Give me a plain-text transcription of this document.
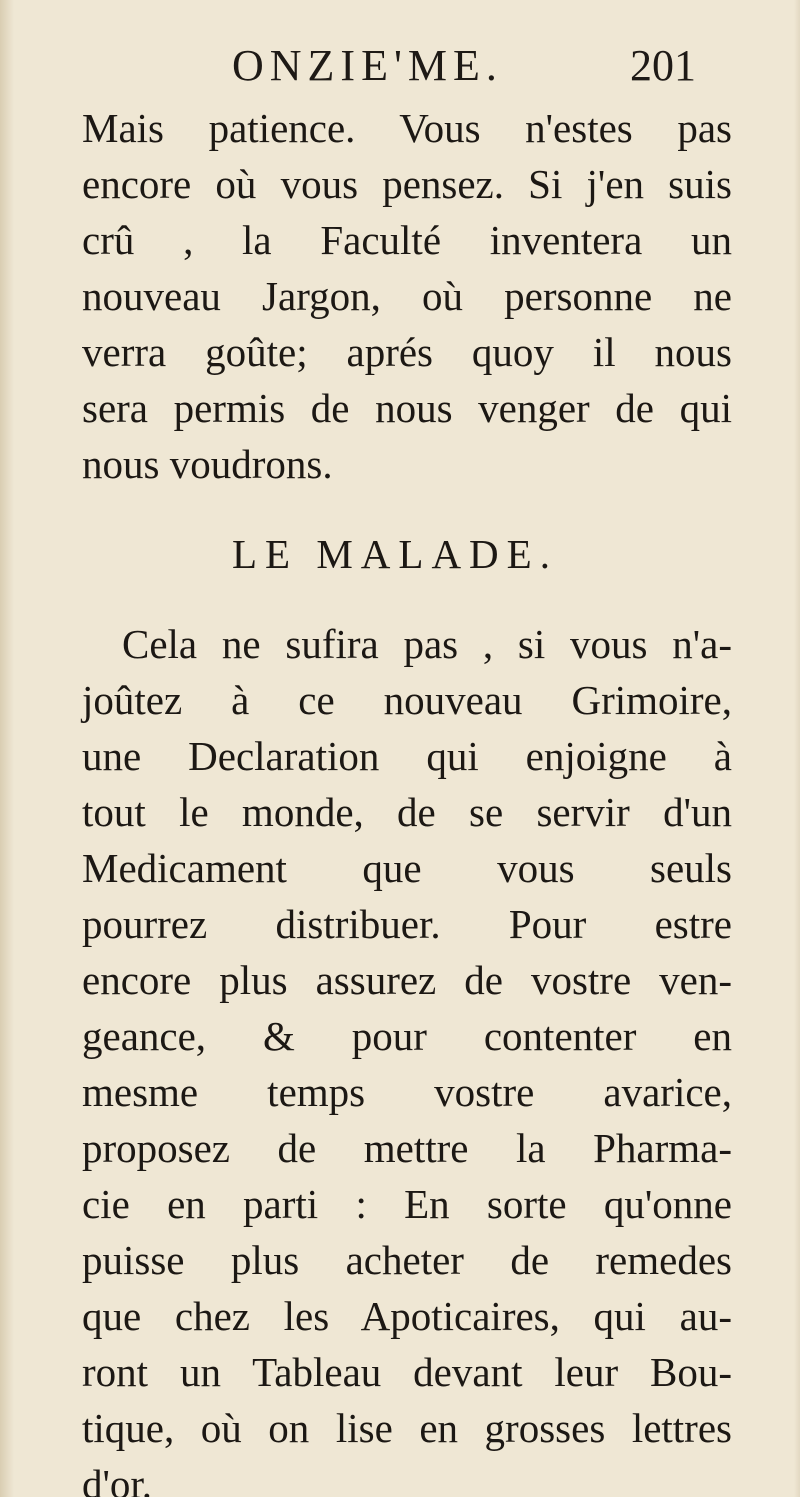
ONZIE'ME.	201
Mais patience. Vous n'estes pas
encore où vous pensez. Si j'en suis
crû , la Faculté inventera un
nouveau Jargon, où personne ne
verra goûte; aprés quoy il nous
sera permis de nous venger de qui
nous voudrons.
LE MALADE.
Cela ne sufira pas , si vous n'a-
joûtez à ce nouveau Grimoire,
une Declaration qui enjoigne à
tout le monde, de se servir d'un
Medicament que vous seuls
pourrez distribuer. Pour estre
encore plus assurez de vostre ven-
geance, & pour contenter en
mesme temps vostre avarice,
proposez de mettre la Pharma-
cie en parti : En sorte qu'onne
puisse plus acheter de remedes
que chez les Apoticaires, qui au-
ront un Tableau devant leur Bou-
tique, où on lise en grosses lettres
d'or.
